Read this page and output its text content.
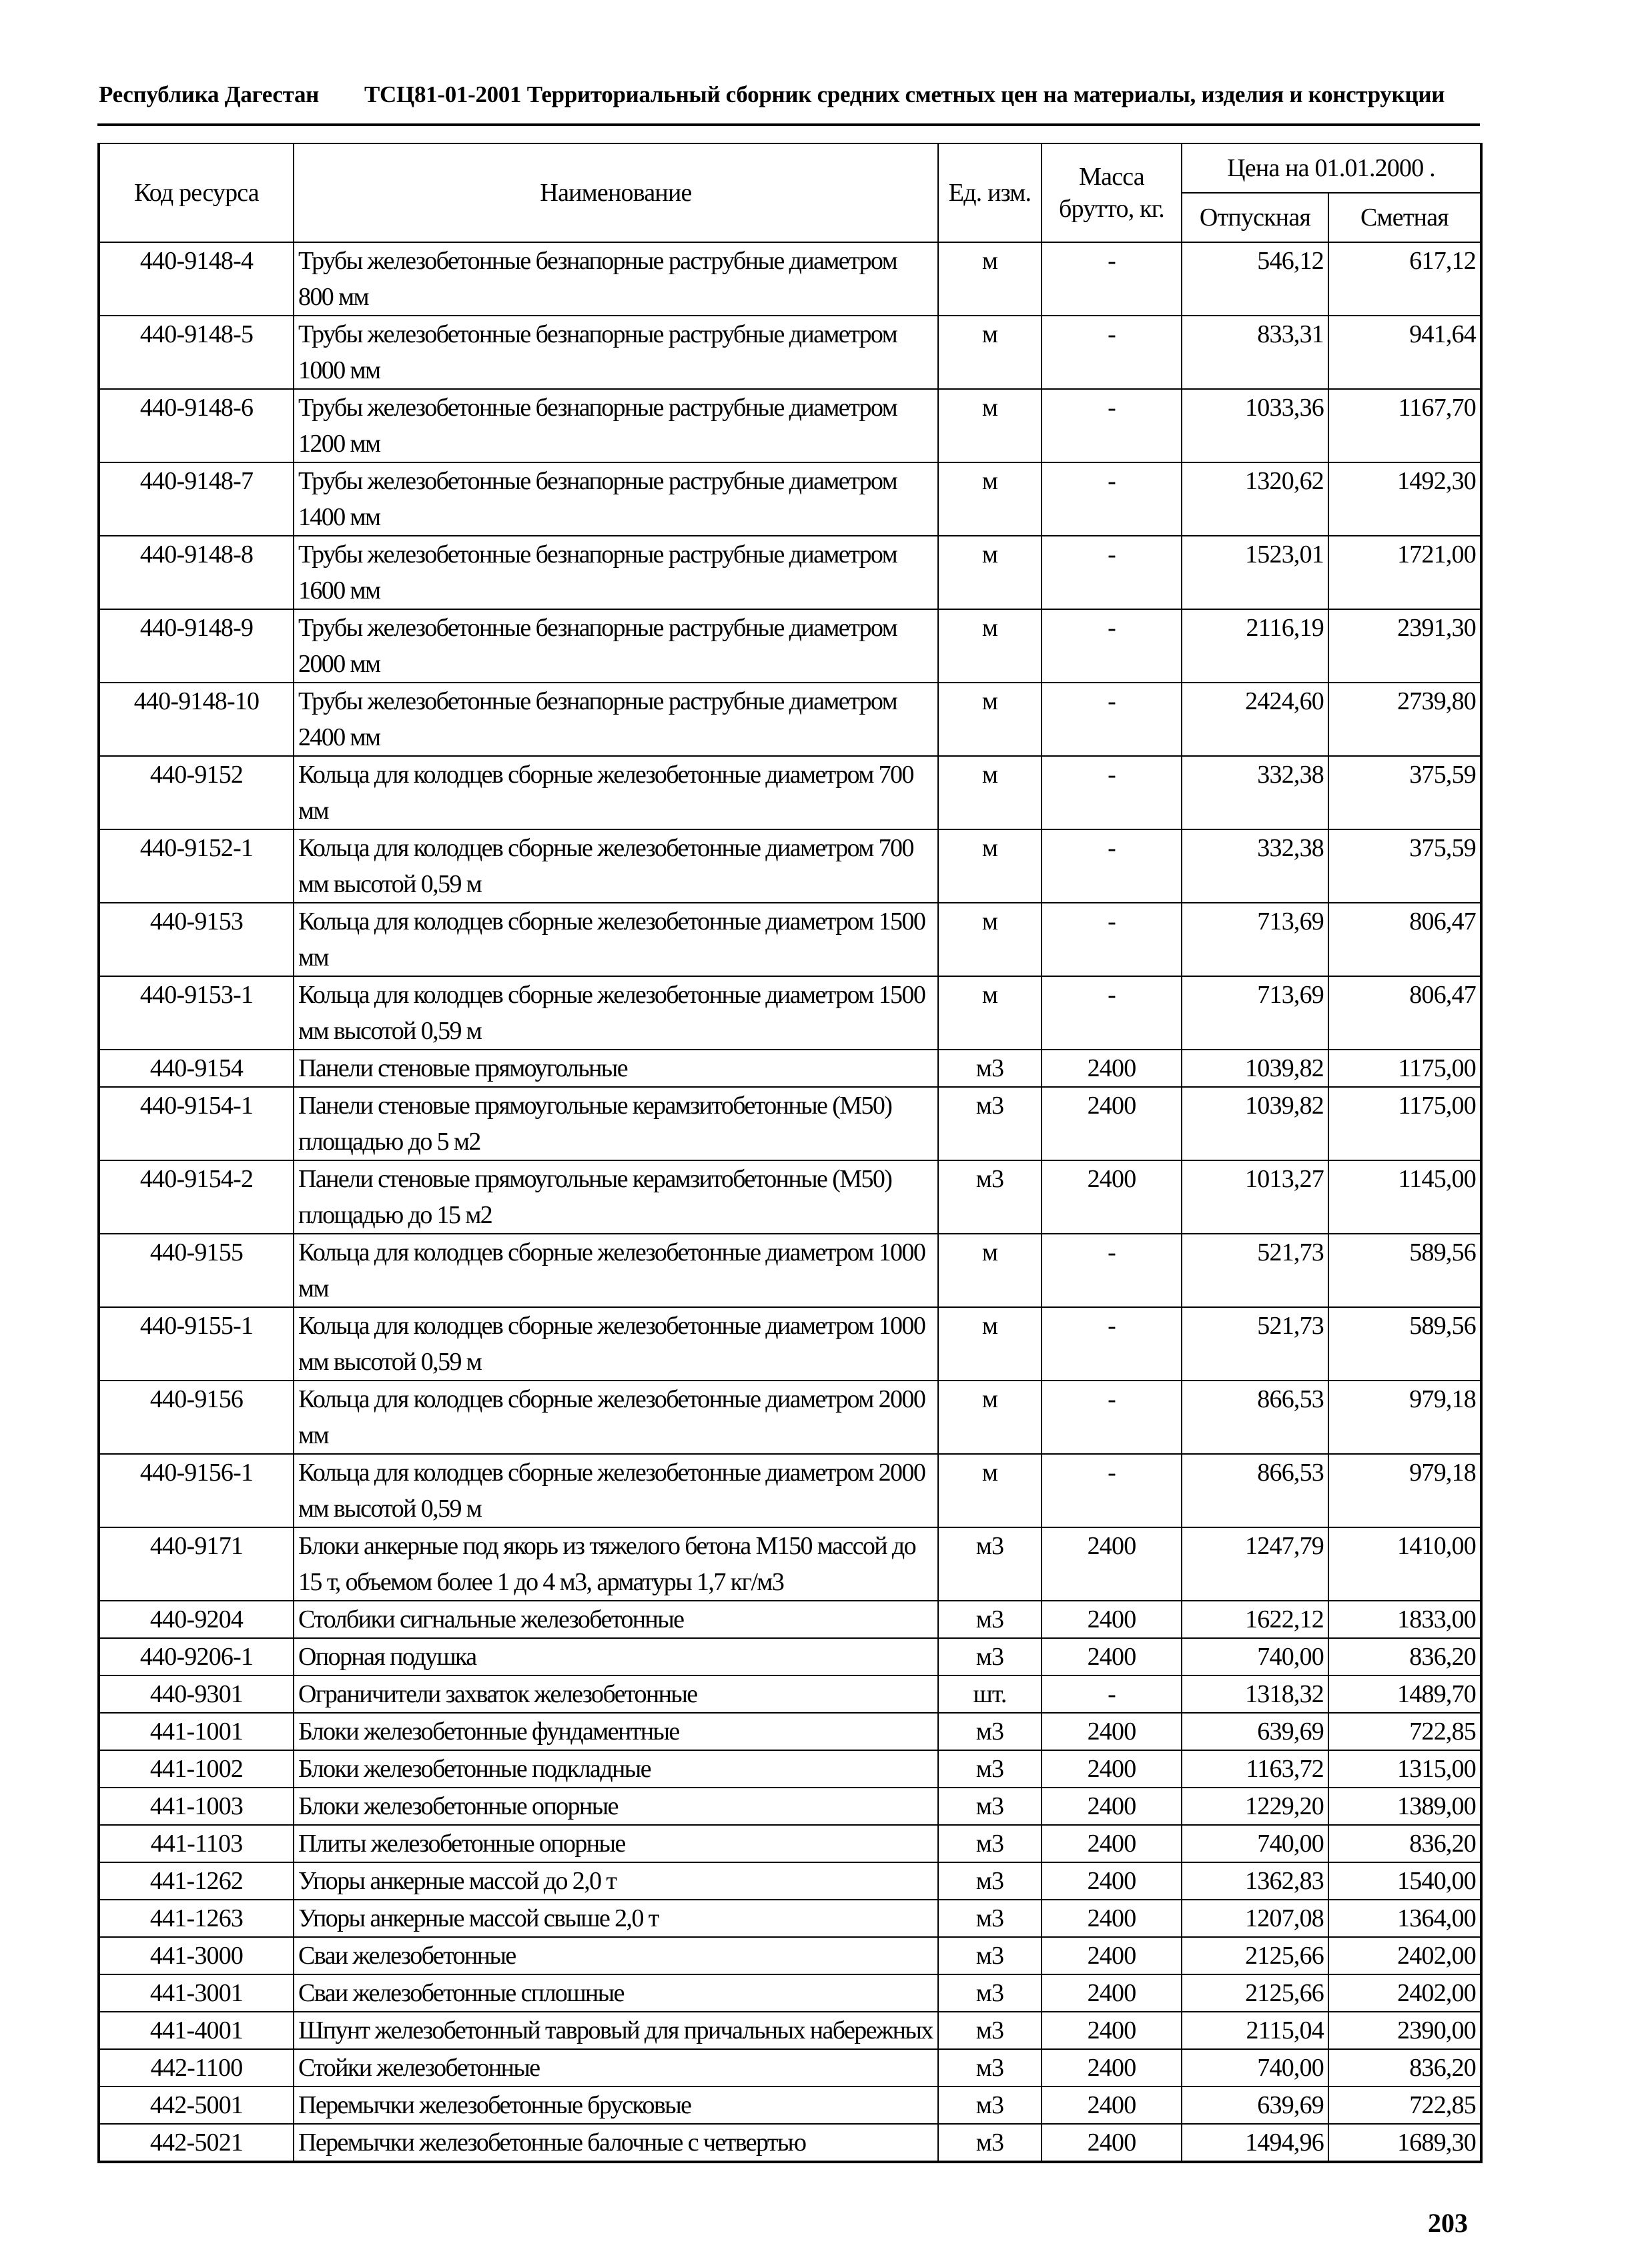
Республика Дагестан ТСЦ81-01-2001 Территориальный сборник средних сметных цен на материалы, изделия и конструкции
Код ресурса	Наименование	Ед. изм.	Масса брутто, кг.	Цена на 01.01.2000 .	
				Отпускная	Сметная
440-9148-4	Трубы железобетонные безнапорные раструбные диаметром 800 мм	м	-	546,12	617,12
440-9148-5	Трубы железобетонные безнапорные раструбные диаметром 1000 мм	м	-	833,31	941,64
440-9148-6	Трубы железобетонные безнапорные раструбные диаметром 1200 мм	м	-	1033,36	1167,70
440-9148-7	Трубы железобетонные безнапорные раструбные диаметром 1400 мм	м	-	1320,62	1492,30
440-9148-8	Трубы железобетонные безнапорные раструбные диаметром 1600 мм	м	-	1523,01	1721,00
440-9148-9	Трубы железобетонные безнапорные раструбные диаметром 2000 мм	м	-	2116,19	2391,30
440-9148-10	Трубы железобетонные безнапорные раструбные диаметром 2400 мм	м	-	2424,60	2739,80
440-9152	Кольца для колодцев сборные железобетонные диаметром 700 мм	м	-	332,38	375,59
440-9152-1	Кольца для колодцев сборные железобетонные диаметром 700 мм высотой 0,59 м	м	-	332,38	375,59
440-9153	Кольца для колодцев сборные железобетонные диаметром 1500 мм	м	-	713,69	806,47
440-9153-1	Кольца для колодцев сборные железобетонные диаметром 1500 мм высотой 0,59 м	м	-	713,69	806,47
440-9154	Панели стеновые прямоугольные	м3	2400	1039,82	1175,00
440-9154-1	Панели стеновые прямоугольные керамзитобетонные (М50) площадью до 5 м2	м3	2400	1039,82	1175,00
440-9154-2	Панели стеновые прямоугольные керамзитобетонные (М50) площадью до 15 м2	м3	2400	1013,27	1145,00
440-9155	Кольца для колодцев сборные железобетонные диаметром 1000 мм	м	-	521,73	589,56
440-9155-1	Кольца для колодцев сборные железобетонные диаметром 1000 мм высотой 0,59 м	м	-	521,73	589,56
440-9156	Кольца для колодцев сборные железобетонные диаметром 2000 мм	м	-	866,53	979,18
440-9156-1	Кольца для колодцев сборные железобетонные диаметром 2000 мм высотой 0,59 м	м	-	866,53	979,18
440-9171	Блоки анкерные под якорь из тяжелого бетона М150 массой до 15 т, объемом более 1 до 4 м3, арматуры 1,7 кг/м3	м3	2400	1247,79	1410,00
440-9204	Столбики сигнальные железобетонные	м3	2400	1622,12	1833,00
440-9206-1	Опорная подушка	м3	2400	740,00	836,20
440-9301	Ограничители захваток железобетонные	шт.	-	1318,32	1489,70
441-1001	Блоки железобетонные фундаментные	м3	2400	639,69	722,85
441-1002	Блоки железобетонные подкладные	м3	2400	1163,72	1315,00
441-1003	Блоки железобетонные опорные	м3	2400	1229,20	1389,00
441-1103	Плиты железобетонные опорные	м3	2400	740,00	836,20
441-1262	Упоры анкерные массой до 2,0 т	м3	2400	1362,83	1540,00
441-1263	Упоры анкерные массой свыше 2,0 т	м3	2400	1207,08	1364,00
441-3000	Сваи железобетонные	м3	2400	2125,66	2402,00
441-3001	Сваи железобетонные сплошные	м3	2400	2125,66	2402,00
441-4001	Шпунт железобетонный тавровый для причальных набережных	м3	2400	2115,04	2390,00
442-1100	Стойки железобетонные	м3	2400	740,00	836,20
442-5001	Перемычки железобетонные брусковые	м3	2400	639,69	722,85
442-5021	Перемычки железобетонные балочные с четвертью	м3	2400	1494,96	1689,30
203
